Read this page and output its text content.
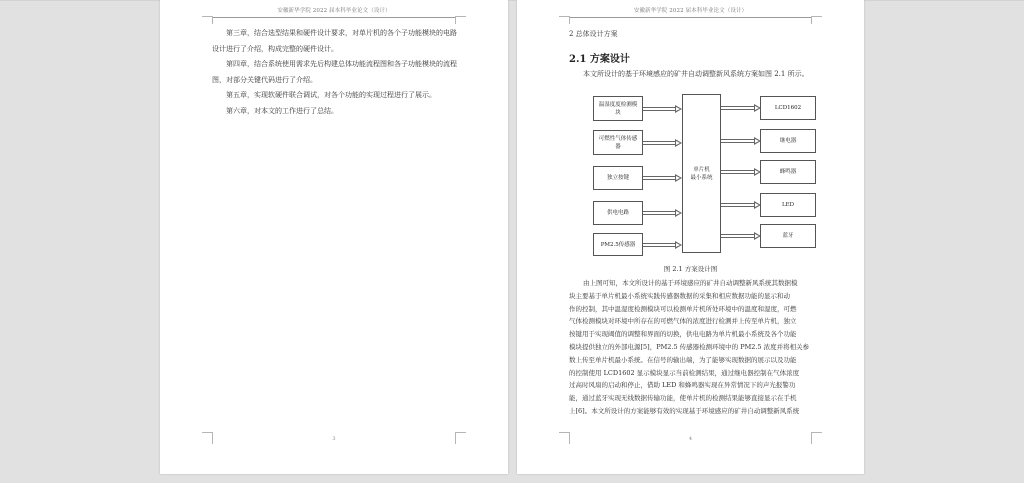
安徽新华学院 2022 届本科毕业论文（设计）

第三章，结合选型结果和硬件设计要求，对单片机的各个子功能模块的电路

设计进行了介绍，构成完整的硬件设计。

第四章，结合系统使用需求先后构建总体功能流程图和各子功能模块的流程

图，对部分关键代码进行了介绍。

第五章，实现软硬件联合调试，对各个功能的实现过程进行了展示。

第六章，对本文的工作进行了总结。

3
安徽新华学院 2022 届本科毕业论文（设计）
2 总体设计方案
2.1 方案设计
本文所设计的基于环境感应的矿井自动调整新风系统方案如图 2.1 所示。
温湿度度检测模
块
可燃性气体传感
器
独立按键
供电电路
PM2.5传感器
单片机
最小系统
LCD1602
继电器
蜂鸣器
LED
蓝牙
图 2.1 方案设计图

由上图可知，本文所设计的基于环境感应的矿井自动调整新风系统其数据模

块主要基于单片机最小系统实践传感器数据的采集和相应数据功能的显示和动

作的控制，其中温湿度检测模块可以检测单片机所处环境中的温度和湿度，可燃

气体检测模块对环境中所存在的可燃气体的浓度进行检测并上传至单片机，独立

按键用于实现阈值的调整和界面的切换，供电电路为单片机最小系统及各个功能

模块提供独立的外部电源[5]，PM2.5 传感器检测环境中的 PM2.5 浓度并将相关参

数上传至单片机最小系统。在信号的输出端，为了能够实现数据的展示以及功能

的控制使用 LCD1602 显示模块显示当前检测结果，通过继电器控制在气体浓度

过高时风扇的启动和停止，借助 LED 和蜂鸣器实现在异常情况下的声光报警功

能，通过蓝牙实现无线数据传输功能，使单片机的检测结果能够直接显示在手机

上[6]。本文所设计的方案能够有效的实现基于环境感应的矿井自动调整新风系统

4
